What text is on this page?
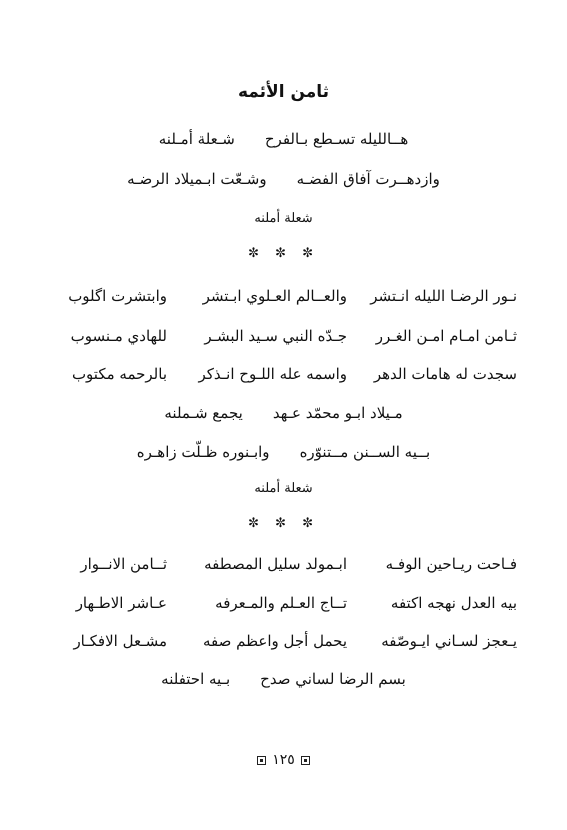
ثامن الأئمه
هــالليله تسـطع بـالفرحشـعلة أمـلنه
وازدهــرت آفاق الفضـهوشـعّت ابـميلاد الرضـه
شعلة أملنه
✼ ✼ ✼
نـور الرضـا الليله انـتشر
والعــالم العـلوي ابـتشر
وابتشرت اگلوب
ثـامن امـام امـن الغـرر
جـدّه النبي سـيد البشـر
للهادي مـنسوب
سجدت له هامات الدهر
واسمه عله اللـوح انـذكر
بالرحمه مكتوب
مـيلاد ابـو محمّد عـهديجمع شـملنه
بــيه الســنن مــتنوّرهوابـنوره ظـلّت زاهـره
شعلة أملنه
✼ ✼ ✼
فـاحت ريـاحين الوفـه
ابـمولد سليل المصطفه
ثــامن الانــوار
بيه العدل نهجه اكتفه
تــاج العـلم والمـعرفه
عـاشر الاطـهار
يـعجز لسـاني ايـوصّفه
يحمل أجل واعظم صفه
مشـعل الافكـار
بسم الرضا لساني صدحبـيه احتفلنه
١٢٥
